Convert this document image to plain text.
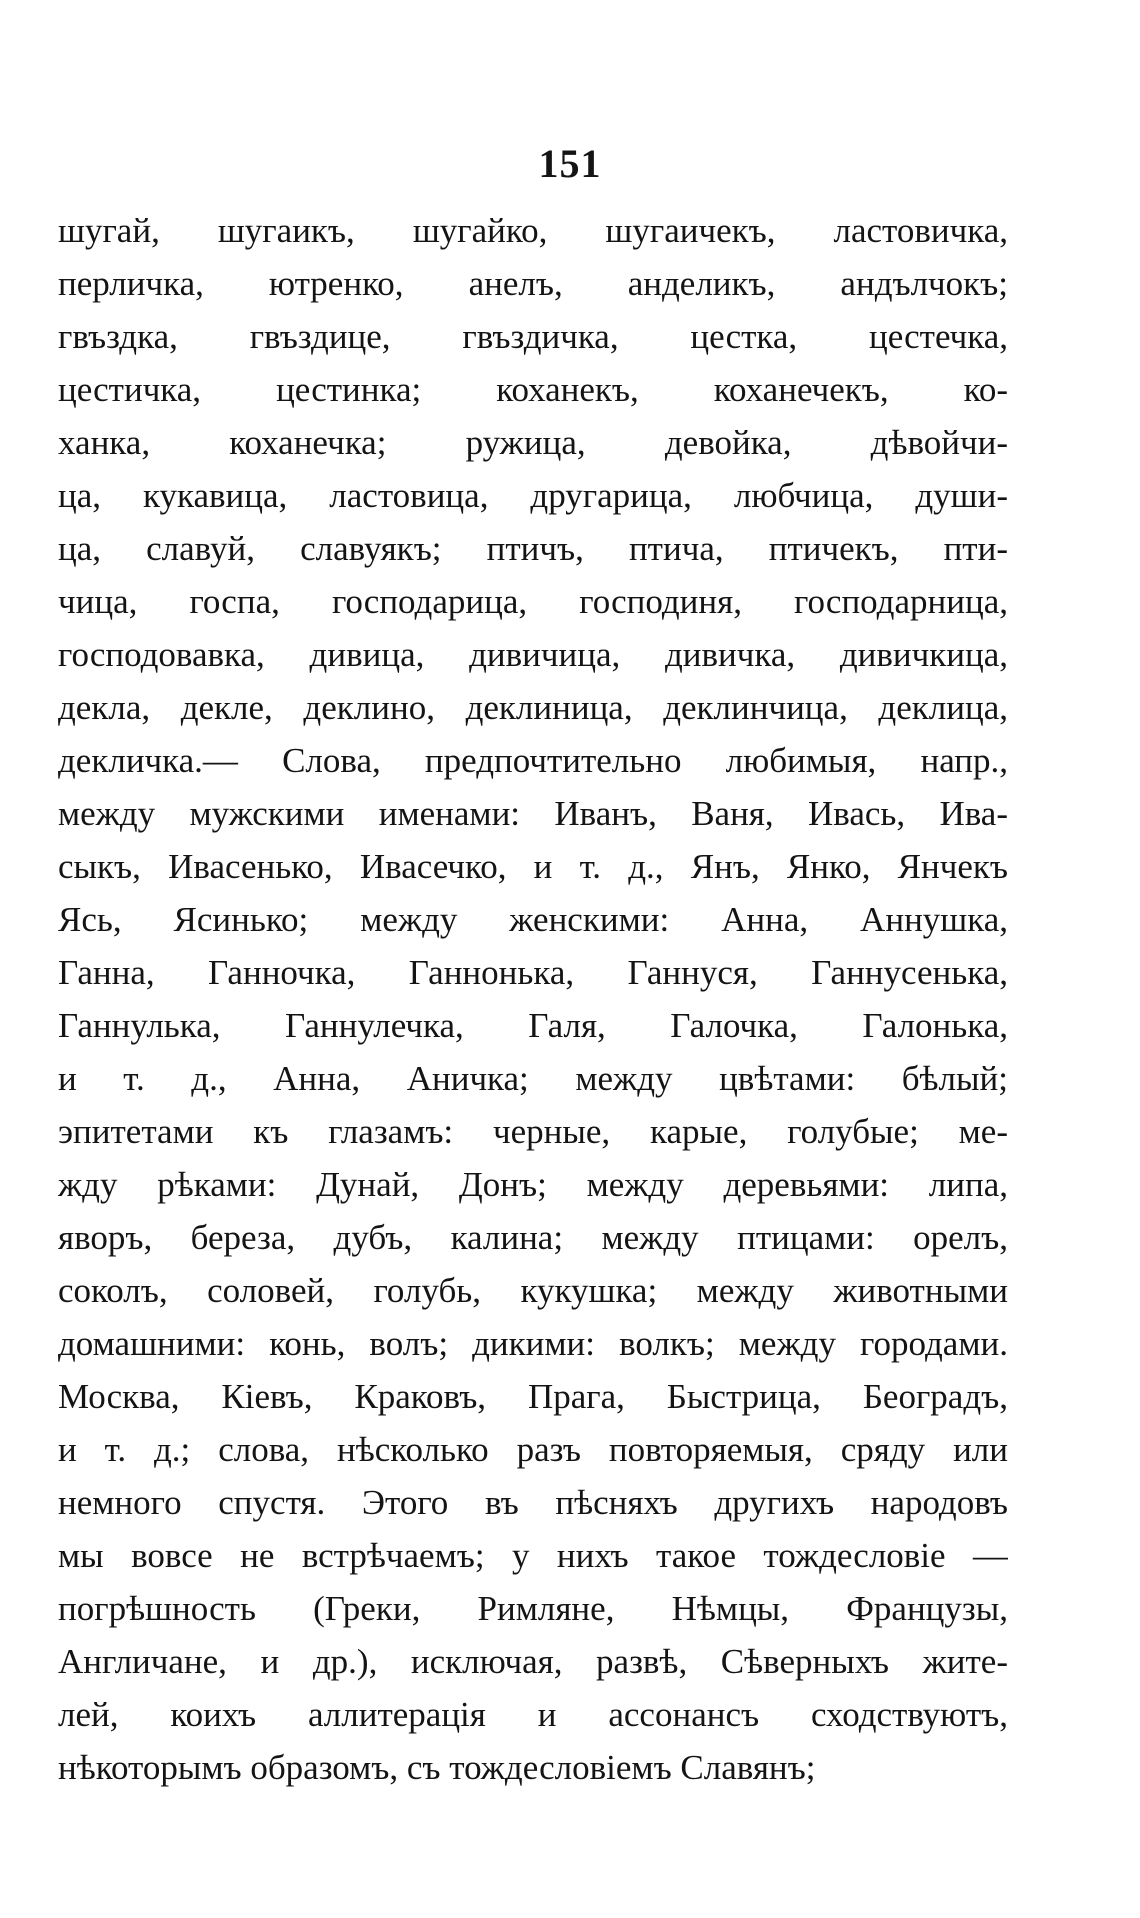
151
шугай, шугаикъ, шугайко, шугаичекъ, ластовичка,
перличка, ютренко, анелъ, анделикъ, андълчокъ;
гвъздка, гвъздице, гвъздичка, цестка, цестечка,
цестичка, цестинка; коханекъ, коханечекъ, ко-
ханка, коханечка; ружица, девойка, дѣвойчи-
ца, кукавица, ластовица, другарица, любчица, души-
ца, славуй, славуякъ; птичъ, птича, птичекъ, пти-
чица, госпа, господарица, господиня, господарница,
господовавка, дивица, дивичица, дивичка, дивичкица,
декла, декле, деклино, деклиница, деклинчица, деклица,
декличка.— Слова, предпочтительно любимыя, напр.,
между мужскими именами: Иванъ, Ваня, Ивась, Ива-
сыкъ, Ивасенько, Ивасечко, и т. д., Янъ, Янко, Янчекъ
Ясь, Ясинько; между женскими: Анна, Аннушка,
Ганна, Ганночка, Ганнонька, Ганнуся, Ганнусенька,
Ганнулька, Ганнулечка, Галя, Галочка, Галонька,
и т. д., Анна, Аничка; между цвѣтами: бѣлый;
эпитетами къ глазамъ: черные, карые, голубые; ме-
жду рѣками: Дунай, Донъ; между деревьями: липа,
яворъ, береза, дубъ, калина; между птицами: орелъ,
соколъ, соловей, голубь, кукушка; между животными
домашними: конь, волъ; дикими: волкъ; между городами.
Москва, Кіевъ, Краковъ, Прага, Быстрица, Београдъ,
и т. д.; слова, нѣсколько разъ повторяемыя, сряду или
немного спустя. Этого въ пѣсняхъ другихъ народовъ
мы вовсе не встрѣчаемъ; у нихъ такое тождесловіе —
погрѣшность (Греки, Римляне, Нѣмцы, Французы,
Англичане, и др.), исключая, развѣ, Сѣверныхъ жите-
лей, коихъ аллитерація и ассонансъ сходствуютъ,
нѣкоторымъ образомъ, съ тождесловіемъ Славянъ;
